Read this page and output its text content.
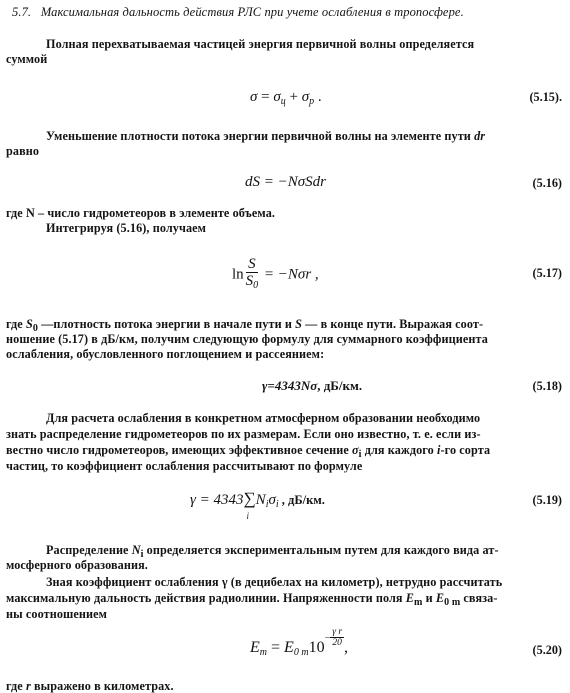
5.7. Максимальная дальность действия РЛС при учете ослабления в тропосфере.
Полная перехватываемая частицей энергия первичной волны определяется
суммой
$\sigma = \sigma_ц + \sigma_р$ .	(5.15).
Уменьшение плотности потока энергии первичной волны на элементе пути dr
равно
dS = −NσSdr	(5.16)
где N – число гидрометеоров в элементе объема.
Интегрируя (5.16), получаем
$\ln \frac{S}{S_0} = -N\sigma r$ ,	(5.17)
где $S_0$ —плотность потока энергии в начале пути и S — в конце пути. Выражая соот-
ношение (5.17) в дБ/км, получим следующую формулу для суммарного коэффициента
ослабления, обусловленного поглощением и рассеянием:
γ=4343Nσ, дБ/км.	(5.18)
Для расчета ослабления в конкретном атмосферном образовании необходимо
знать распределение гидрометеоров по их размерам. Если оно известно, т. е. если из-
вестно число гидрометеоров, имеющих эффективное сечение $\sigma_i$ для каждого i-го сорта
частиц, то коэффициент ослабления рассчитывают по формуле
γ = 4343∑
i
$N_i\sigma_i$ , дБ/км.	(5.19)
Распределение $N_i$ определяется экспериментальным путем для каждого вида ат-
мосферного образования.
Зная коэффициент ослабления γ (в децибелах на километр), нетрудно рассчитать
максимальную дальность действия радиолинии. Напряженности поля $E_m$ и $E_{0 m}$ связа-
ны соотношением
$E_m = E_{0 m}10^- \frac{\text{γ r}}{20}$ ,	(5.20)
где r выражено в километрах.
